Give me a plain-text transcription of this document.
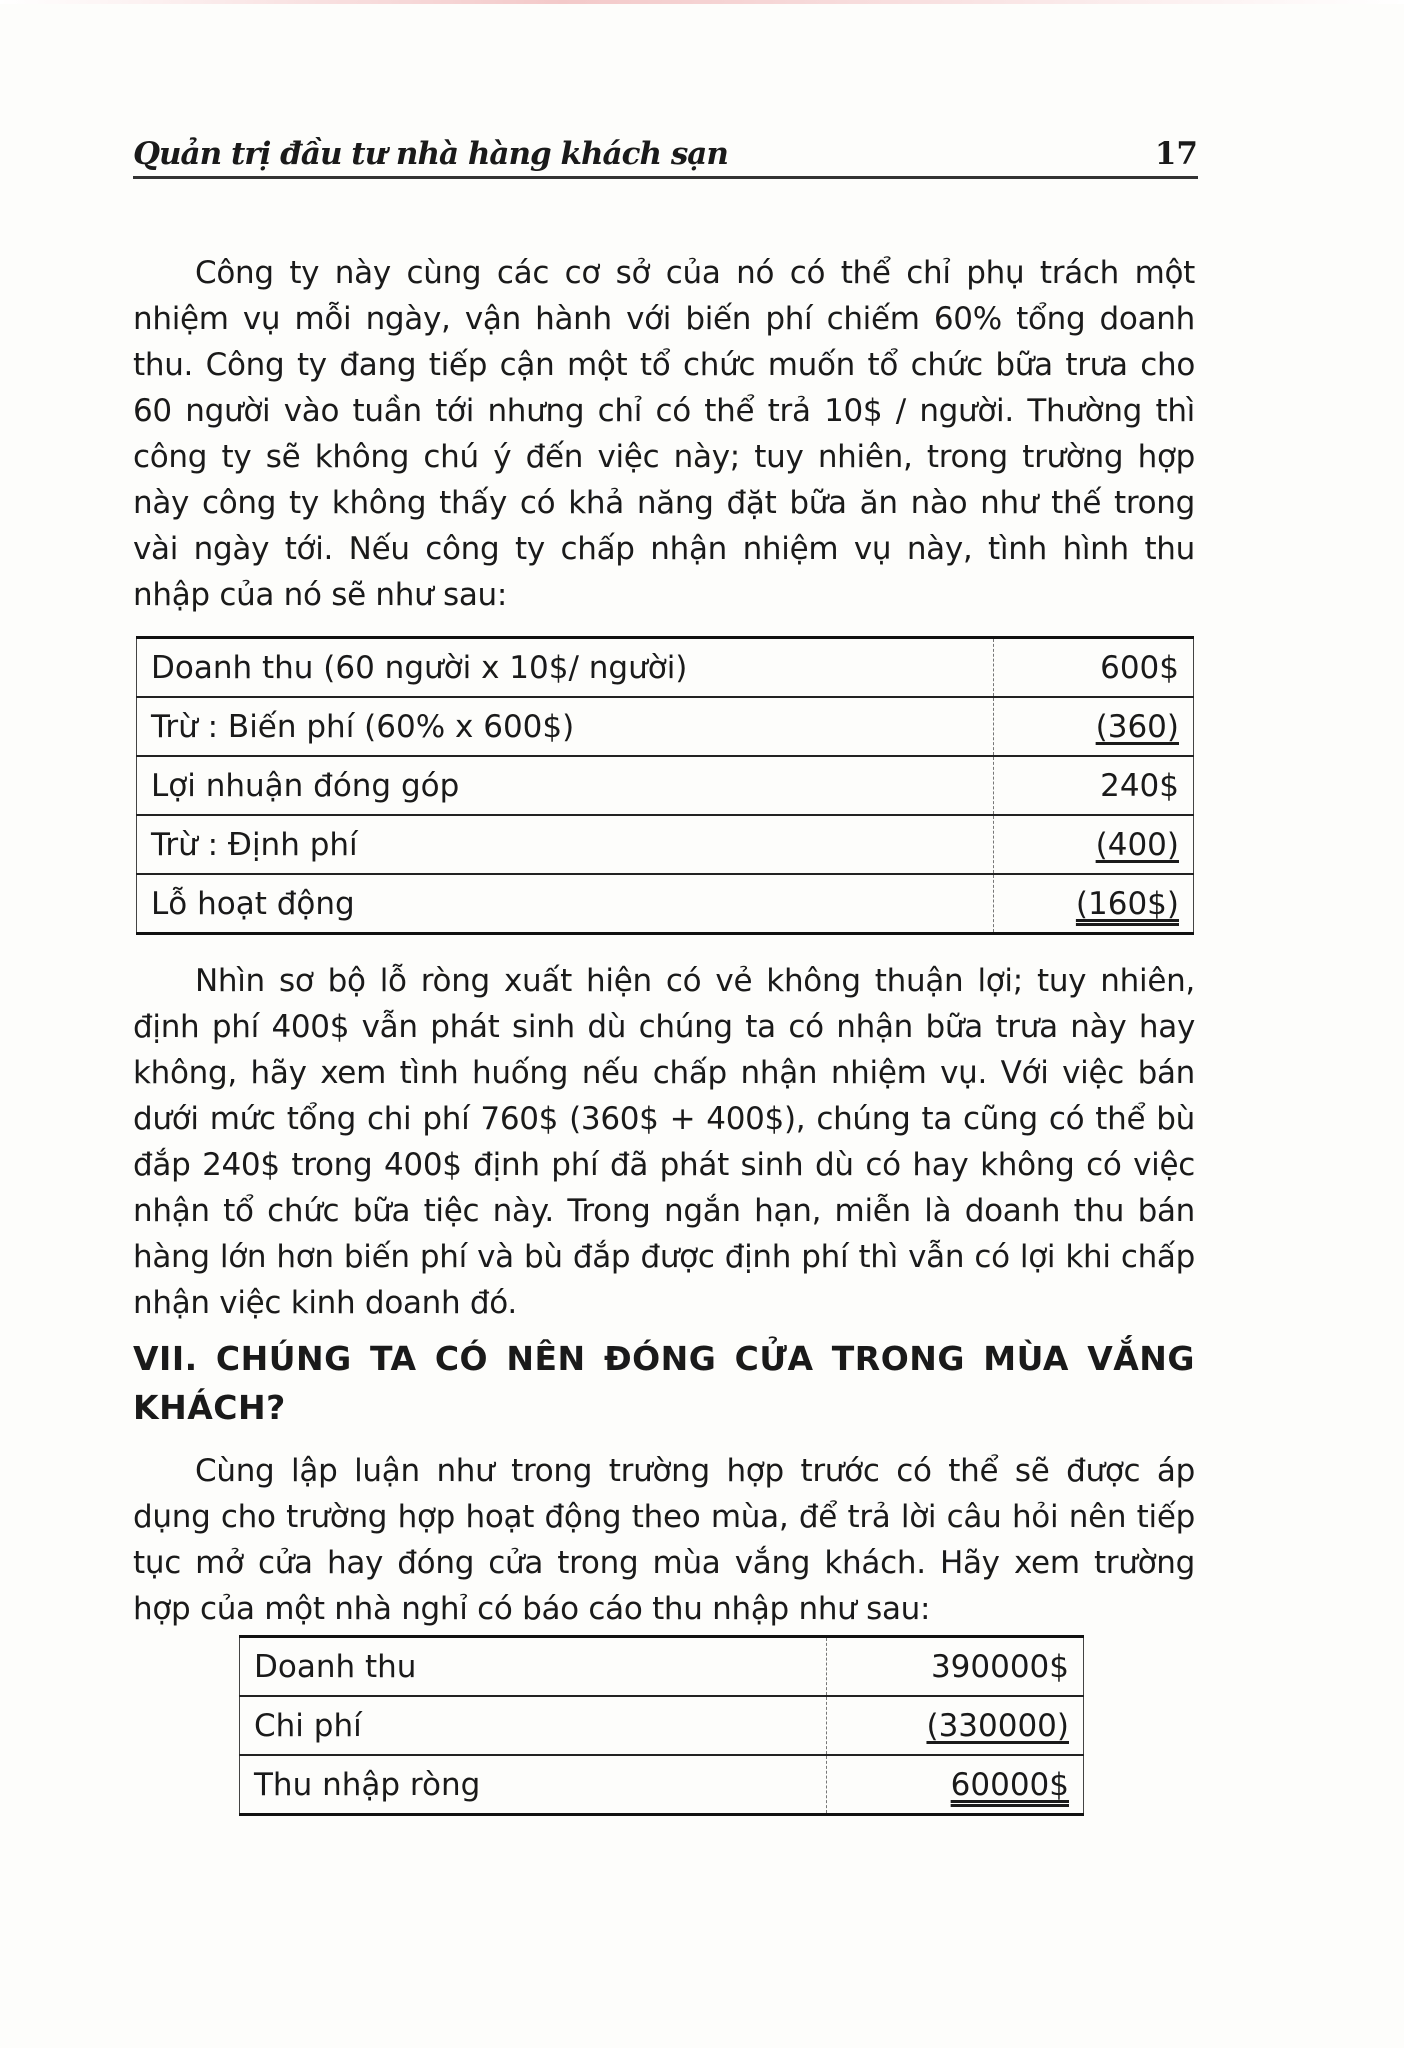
Quản trị đầu tư nhà hàng khách sạn	17
Công ty này cùng các cơ sở của nó có thể chỉ phụ trách một nhiệm vụ mỗi ngày, vận hành với biến phí chiếm 60% tổng doanh thu. Công ty đang tiếp cận một tổ chức muốn tổ chức bữa trưa cho 60 người vào tuần tới nhưng chỉ có thể trả 10$ / người. Thường thì công ty sẽ không chú ý đến việc này; tuy nhiên, trong trường hợp này công ty không thấy có khả năng đặt bữa ăn nào như thế trong vài ngày tới. Nếu công ty chấp nhận nhiệm vụ này, tình hình thu nhập của nó sẽ như sau:
Doanh thu (60 người x 10$/ người)	600$
Trừ : Biến phí (60% x 600$)	(360)
Lợi nhuận đóng góp	240$
Trừ : Định phí	(400)
Lỗ hoạt động	(160$)
Nhìn sơ bộ lỗ ròng xuất hiện có vẻ không thuận lợi; tuy nhiên, định phí 400$ vẫn phát sinh dù chúng ta có nhận bữa trưa này hay không, hãy xem tình huống nếu chấp nhận nhiệm vụ. Với việc bán dưới mức tổng chi phí 760$ (360$ + 400$), chúng ta cũng có thể bù đắp 240$ trong 400$ định phí đã phát sinh dù có hay không có việc nhận tổ chức bữa tiệc này. Trong ngắn hạn, miễn là doanh thu bán hàng lớn hơn biến phí và bù đắp được định phí thì vẫn có lợi khi chấp nhận việc kinh doanh đó.
VII. CHÚNG TA CÓ NÊN ĐÓNG CỬA TRONG MÙA VẮNG KHÁCH?
Cùng lập luận như trong trường hợp trước có thể sẽ được áp dụng cho trường hợp hoạt động theo mùa, để trả lời câu hỏi nên tiếp tục mở cửa hay đóng cửa trong mùa vắng khách. Hãy xem trường hợp của một nhà nghỉ có báo cáo thu nhập như sau:
Doanh thu	390000$
Chi phí	(330000)
Thu nhập ròng	60000$
